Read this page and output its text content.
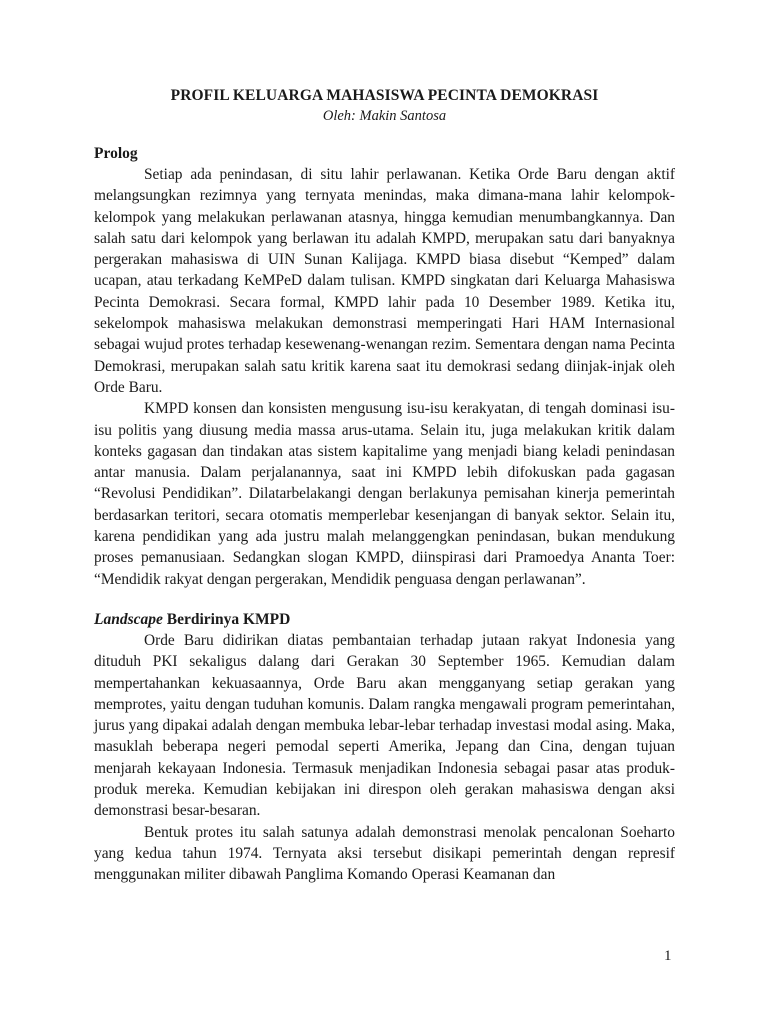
PROFIL KELUARGA MAHASISWA PECINTA DEMOKRASI
Oleh: Makin Santosa
Prolog

Setiap ada penindasan, di situ lahir perlawanan. Ketika Orde Baru dengan aktif melangsungkan rezimnya yang ternyata menindas, maka dimana-mana lahir kelompok-kelompok yang melakukan perlawanan atasnya, hingga kemudian menumbangkannya. Dan salah satu dari kelompok yang berlawan itu adalah KMPD, merupakan satu dari banyaknya pergerakan mahasiswa di UIN Sunan Kalijaga. KMPD biasa disebut “Kemped” dalam ucapan, atau terkadang KeMPeD dalam tulisan. KMPD singkatan dari Keluarga Mahasiswa Pecinta Demokrasi. Secara formal, KMPD lahir pada 10 Desember 1989. Ketika itu, sekelompok mahasiswa melakukan demonstrasi memperingati Hari HAM Internasional sebagai wujud protes terhadap kesewenang-wenangan rezim. Sementara dengan nama Pecinta Demokrasi, merupakan salah satu kritik karena saat itu demokrasi sedang diinjak-injak oleh Orde Baru.

KMPD konsen dan konsisten mengusung isu-isu kerakyatan, di tengah dominasi isu-isu politis yang diusung media massa arus-utama. Selain itu, juga melakukan kritik dalam konteks gagasan dan tindakan atas sistem kapitalime yang menjadi biang keladi penindasan antar manusia. Dalam perjalanannya, saat ini KMPD lebih difokuskan pada gagasan “Revolusi Pendidikan”. Dilatarbelakangi dengan berlakunya pemisahan kinerja pemerintah berdasarkan teritori, secara otomatis memperlebar kesenjangan di banyak sektor. Selain itu, karena pendidikan yang ada justru malah melanggengkan penindasan, bukan mendukung proses pemanusiaan. Sedangkan slogan KMPD, diinspirasi dari Pramoedya Ananta Toer: “Mendidik rakyat dengan pergerakan, Mendidik penguasa dengan perlawanan”.

Landscape Berdirinya KMPD

Orde Baru didirikan diatas pembantaian terhadap jutaan rakyat Indonesia yang dituduh PKI sekaligus dalang dari Gerakan 30 September 1965. Kemudian dalam mempertahankan kekuasaannya, Orde Baru akan mengganyang setiap gerakan yang memprotes, yaitu dengan tuduhan komunis. Dalam rangka mengawali program pemerintahan, jurus yang dipakai adalah dengan membuka lebar-lebar terhadap investasi modal asing. Maka, masuklah beberapa negeri pemodal seperti Amerika, Jepang dan Cina, dengan tujuan menjarah kekayaan Indonesia. Termasuk menjadikan Indonesia sebagai pasar atas produk-produk mereka. Kemudian kebijakan ini direspon oleh gerakan mahasiswa dengan aksi demonstrasi besar-besaran.

Bentuk protes itu salah satunya adalah demonstrasi menolak pencalonan Soeharto yang kedua tahun 1974. Ternyata aksi tersebut disikapi pemerintah dengan represif menggunakan militer dibawah Panglima Komando Operasi Keamanan dan

1
